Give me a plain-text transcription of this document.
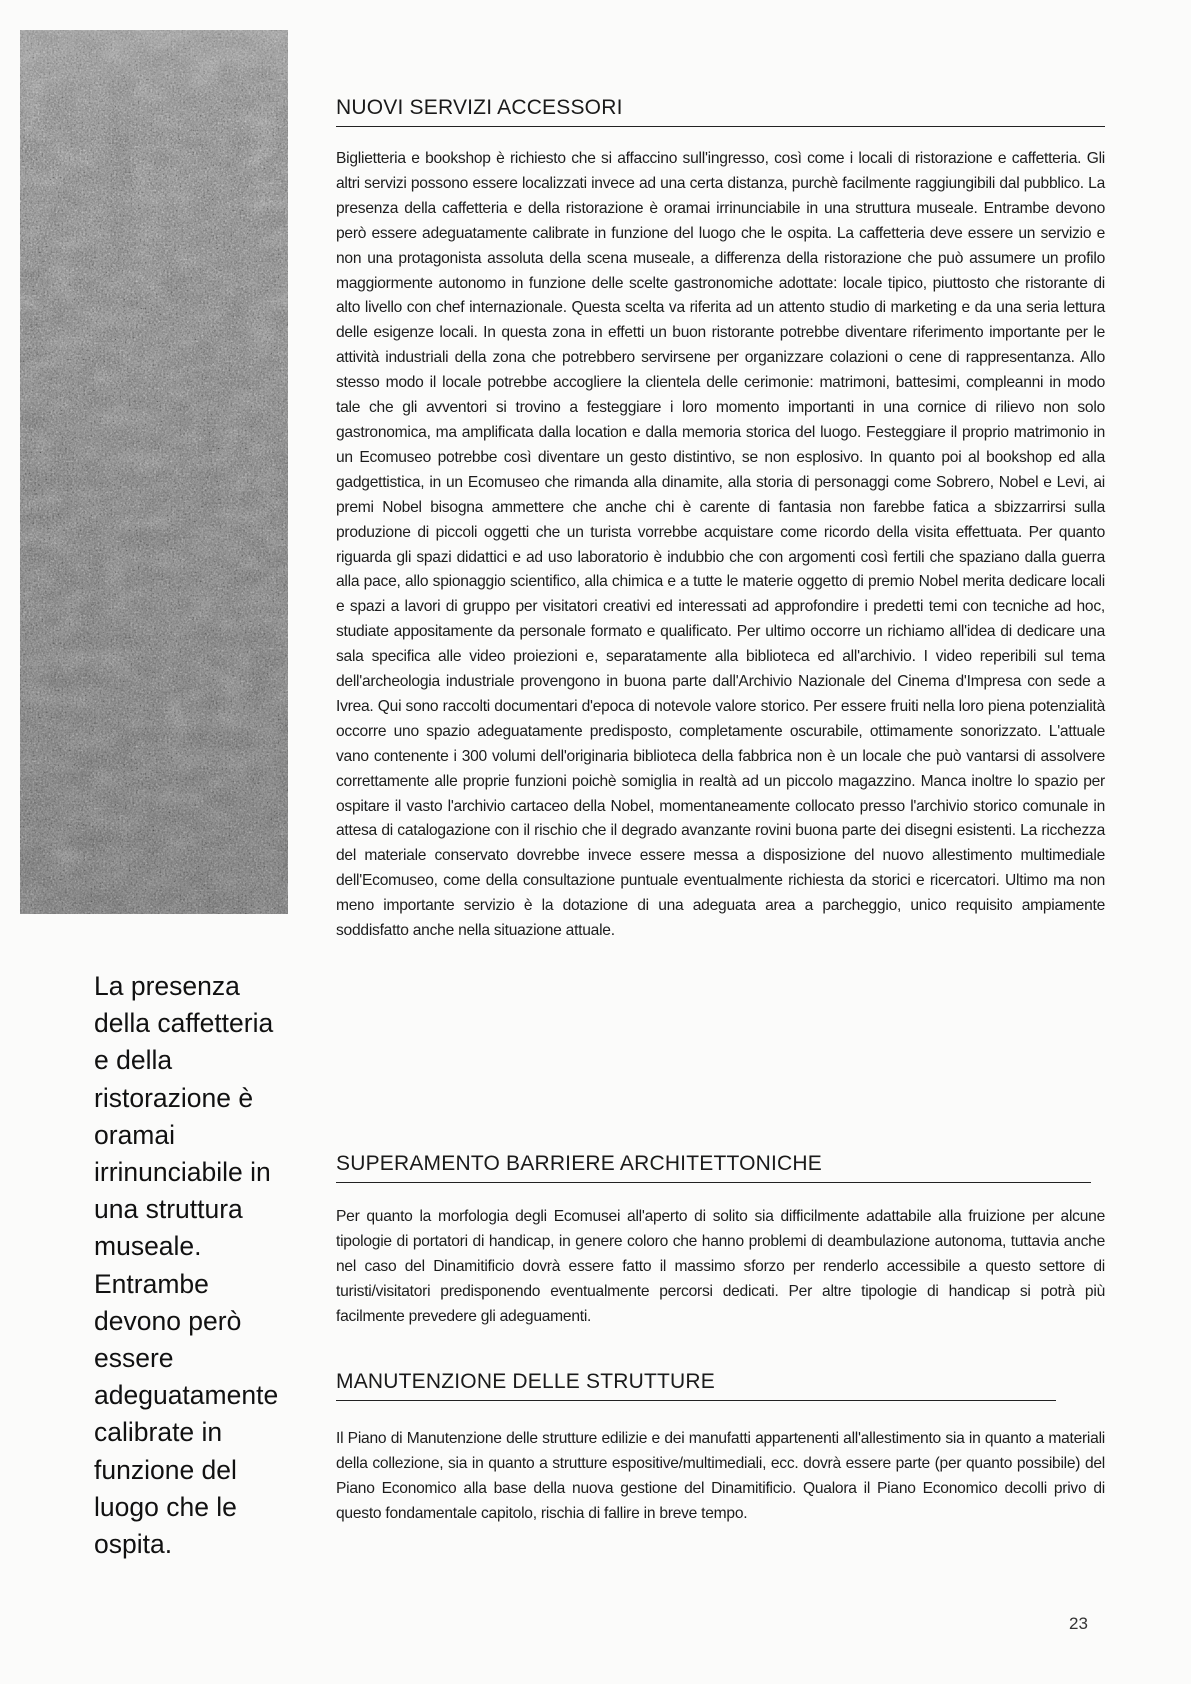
La presenza della caffetteria e della ristorazione è oramai irrinunciabile in una struttura museale. Entrambe devono però essere adeguatamente calibrate in funzione del luogo che le ospita.

NUOVI SERVIZI ACCESSORI

Biglietteria e bookshop è richiesto che si affaccino sull'ingresso, così come i locali di ristorazione e caffetteria. Gli altri servizi possono essere localizzati invece ad una certa distanza, purchè facilmente raggiungibili dal pubblico. La presenza della caffetteria e della ristorazione è oramai irrinunciabile in una struttura museale. Entrambe devono però essere adeguatamente calibrate in funzione del luogo che le ospita. La caffetteria deve essere un servizio e non una protagonista assoluta della scena museale, a differenza della ristorazione che può assumere un profilo maggiormente autonomo in funzione delle scelte gastronomiche adottate: locale tipico, piuttosto che ristorante di alto livello con chef internazionale. Questa scelta va riferita ad un attento studio di marketing e da una seria lettura delle esigenze locali. In questa zona in effetti un buon ristorante potrebbe diventare riferimento importante per le attività industriali della zona che potrebbero servirsene per organizzare colazioni o cene di rappresentanza. Allo stesso modo il locale potrebbe accogliere la clientela delle cerimonie: matrimoni, battesimi, compleanni in modo tale che gli avventori si trovino a festeggiare i loro momento importanti in una cornice di rilievo non solo gastronomica, ma amplificata dalla location e dalla memoria storica del luogo. Festeggiare il proprio matrimonio in un Ecomuseo potrebbe così diventare un gesto distintivo, se non esplosivo. In quanto poi al bookshop ed alla gadgettistica, in un Ecomuseo che rimanda alla dinamite, alla storia di personaggi come Sobrero, Nobel e Levi, ai premi Nobel bisogna ammettere che anche chi è carente di fantasia non farebbe fatica a sbizzarrirsi sulla produzione di piccoli oggetti che un turista vorrebbe acquistare come ricordo della visita effettuata. Per quanto riguarda gli spazi didattici e ad uso laboratorio è indubbio che con argomenti così fertili che spaziano dalla guerra alla pace, allo spionaggio scientifico, alla chimica e a tutte le materie oggetto di premio Nobel merita dedicare locali e spazi a lavori di gruppo per visitatori creativi ed interessati ad approfondire i predetti temi con tecniche ad hoc, studiate appositamente da personale formato e qualificato. Per ultimo occorre un richiamo all'idea di dedicare una sala specifica alle video proiezioni e, separatamente alla biblioteca ed all'archivio. I video reperibili sul tema dell'archeologia industriale provengono in buona parte dall'Archivio Nazionale del Cinema d'Impresa con sede a Ivrea. Qui sono raccolti documentari d'epoca di notevole valore storico. Per essere fruiti nella loro piena potenzialità occorre uno spazio adeguatamente predisposto, completamente oscurabile, ottimamente sonorizzato. L'attuale vano contenente i 300 volumi dell'originaria biblioteca della fabbrica non è un locale che può vantarsi di assolvere correttamente alle proprie funzioni poichè somiglia in realtà ad un piccolo magazzino. Manca inoltre lo spazio per ospitare il vasto l'archivio cartaceo della Nobel, momentaneamente collocato presso l'archivio storico comunale in attesa di catalogazione con il rischio che il degrado avanzante rovini buona parte dei disegni esistenti. La ricchezza del materiale conservato dovrebbe invece essere messa a disposizione del nuovo allestimento multimediale dell'Ecomuseo, come della consultazione puntuale eventualmente richiesta da storici e ricercatori. Ultimo ma non meno importante servizio è la dotazione di una adeguata area a parcheggio, unico requisito ampiamente soddisfatto anche nella situazione attuale.

SUPERAMENTO BARRIERE ARCHITETTONICHE

Per quanto la morfologia degli Ecomusei all'aperto di solito sia difficilmente adattabile alla fruizione per alcune tipologie di portatori di handicap, in genere coloro che hanno problemi di deambulazione autonoma, tuttavia anche nel caso del Dinamitificio dovrà essere fatto il massimo sforzo per renderlo accessibile a questo settore di turisti/visitatori predisponendo eventualmente percorsi dedicati. Per altre tipologie di handicap si potrà più facilmente prevedere gli adeguamenti.

MANUTENZIONE DELLE STRUTTURE

Il Piano di Manutenzione delle strutture edilizie e dei manufatti appartenenti all'allestimento sia in quanto a materiali della collezione, sia in quanto a strutture espositive/multimediali, ecc. dovrà essere parte (per quanto possibile) del Piano Economico alla base della nuova gestione del Dinamitificio. Qualora il Piano Economico decolli privo di questo fondamentale capitolo, rischia di fallire in breve tempo.

23
